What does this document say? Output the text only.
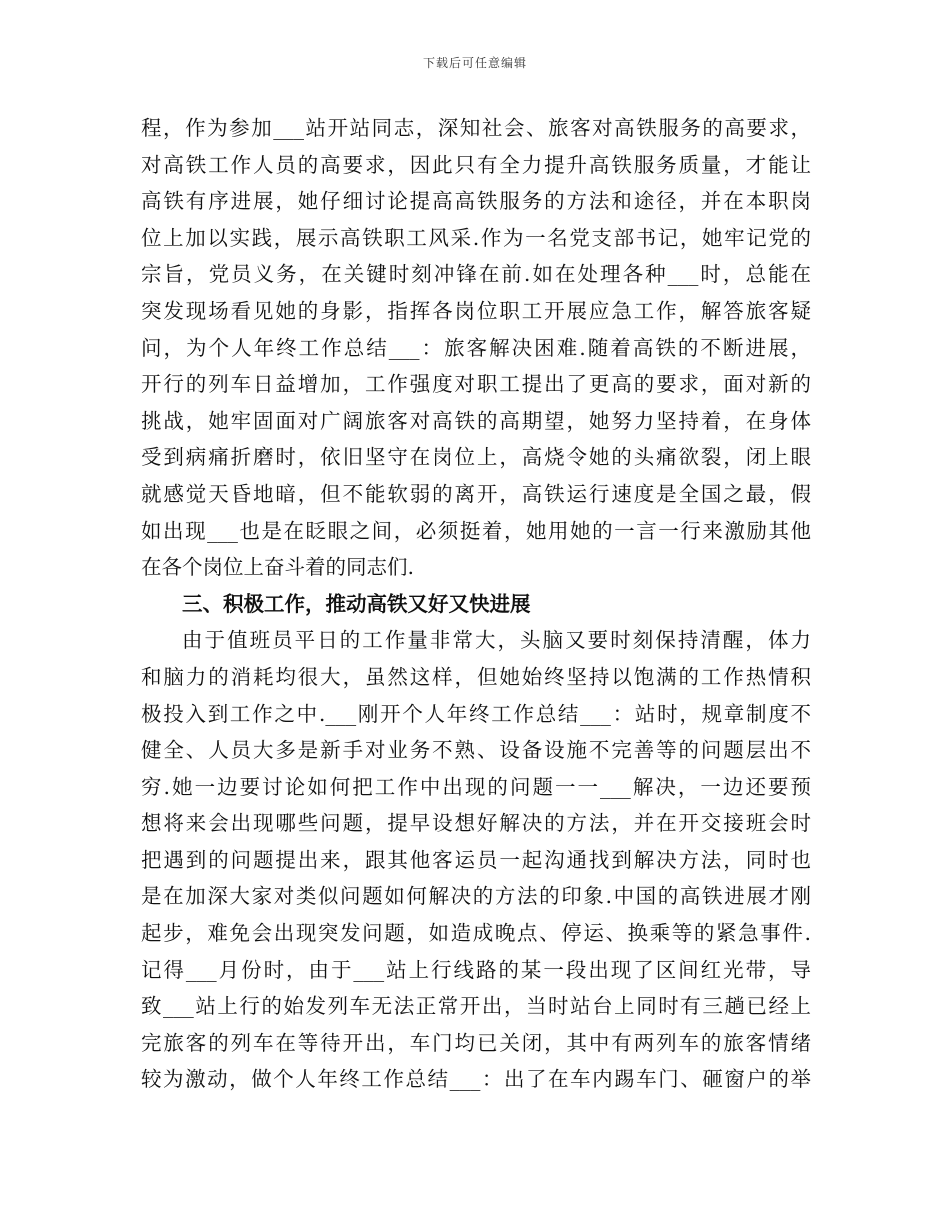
下载后可任意编辑
程，作为参加___站开站同志，深知社会、旅客对高铁服务的高要求，
对高铁工作人员的高要求，因此只有全力提升高铁服务质量，才能让
高铁有序进展，她仔细讨论提高高铁服务的方法和途径，并在本职岗
位上加以实践，展示高铁职工风采.作为一名党支部书记，她牢记党的
宗旨，党员义务，在关键时刻冲锋在前.如在处理各种___时，总能在
突发现场看见她的身影，指挥各岗位职工开展应急工作，解答旅客疑
问，为个人年终工作总结___：旅客解决困难.随着高铁的不断进展，
开行的列车日益增加，工作强度对职工提出了更高的要求，面对新的
挑战，她牢固面对广阔旅客对高铁的高期望，她努力坚持着，在身体
受到病痛折磨时，依旧坚守在岗位上，高烧令她的头痛欲裂，闭上眼
就感觉天昏地暗，但不能软弱的离开，高铁运行速度是全国之最，假
如出现___也是在眨眼之间，必须挺着，她用她的一言一行来激励其他
在各个岗位上奋斗着的同志们.
三、积极工作，推动高铁又好又快进展
由于值班员平日的工作量非常大，头脑又要时刻保持清醒，体力
和脑力的消耗均很大，虽然这样，但她始终坚持以饱满的工作热情积
极投入到工作之中.___刚开个人年终工作总结___：站时，规章制度不
健全、人员大多是新手对业务不熟、设备设施不完善等的问题层出不
穷.她一边要讨论如何把工作中出现的问题一一___解决，一边还要预
想将来会出现哪些问题，提早设想好解决的方法，并在开交接班会时
把遇到的问题提出来，跟其他客运员一起沟通找到解决方法，同时也
是在加深大家对类似问题如何解决的方法的印象.中国的高铁进展才刚
起步，难免会出现突发问题，如造成晚点、停运、换乘等的紧急事件.
记得___月份时，由于___站上行线路的某一段出现了区间红光带，导
致___站上行的始发列车无法正常开出，当时站台上同时有三趟已经上
完旅客的列车在等待开出，车门均已关闭，其中有两列车的旅客情绪
较为激动，做个人年终工作总结___：出了在车内踢车门、砸窗户的举
